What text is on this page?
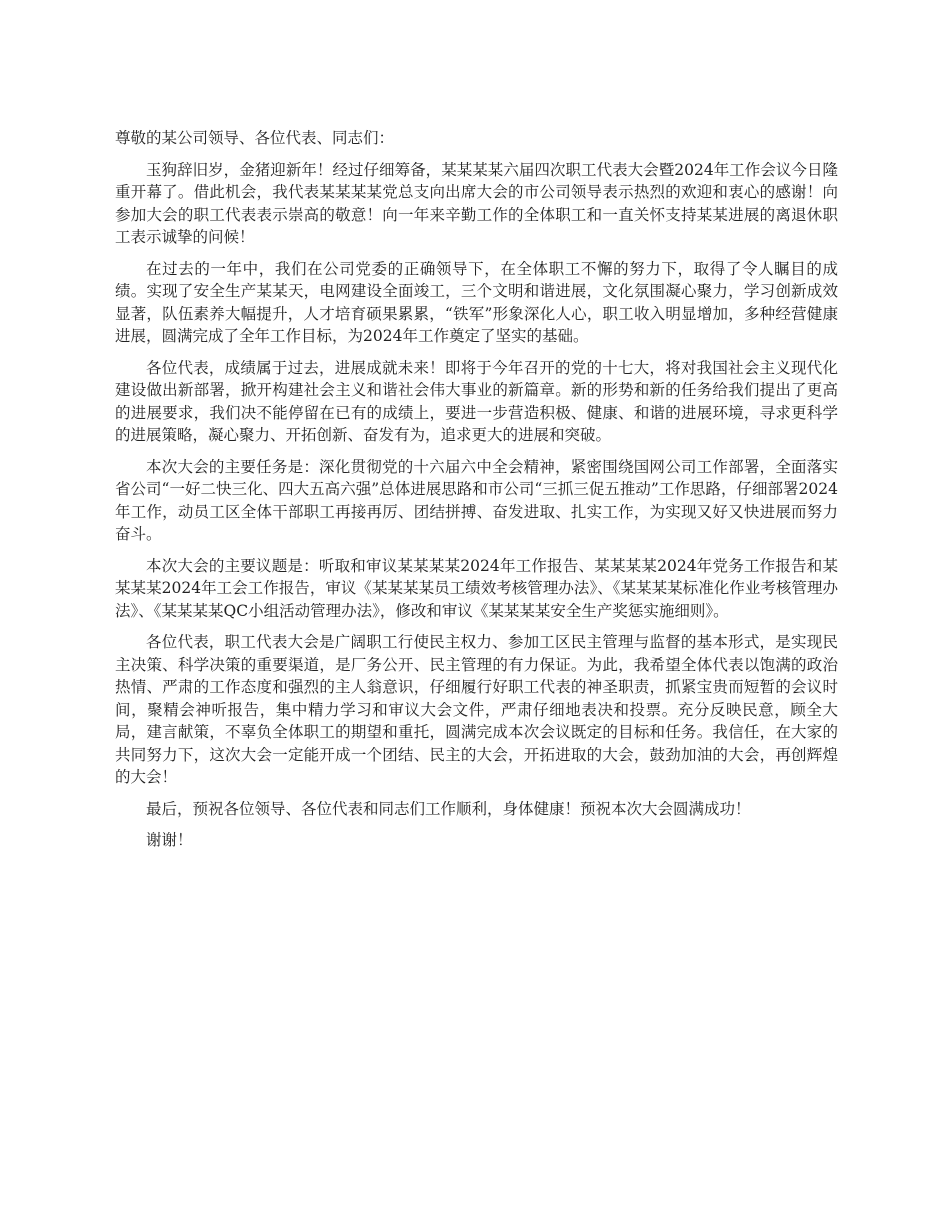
尊敬的某公司领导、各位代表、同志们：

玉狗辞旧岁，金猪迎新年！经过仔细筹备，某某某某六届四次职工代表大会暨2024年工作会议今日隆重开幕了。借此机会，我代表某某某某党总支向出席大会的市公司领导表示热烈的欢迎和衷心的感谢！向参加大会的职工代表表示崇高的敬意！向一年来辛勤工作的全体职工和一直关怀支持某某进展的离退休职工表示诚挚的问候！

在过去的一年中，我们在公司党委的正确领导下，在全体职工不懈的努力下，取得了令人瞩目的成绩。实现了安全生产某某天，电网建设全面竣工，三个文明和谐进展，文化氛围凝心聚力，学习创新成效显著，队伍素养大幅提升，人才培育硕果累累，“铁军”形象深化人心，职工收入明显增加，多种经营健康进展，圆满完成了全年工作目标，为2024年工作奠定了坚实的基础。

各位代表，成绩属于过去，进展成就未来！即将于今年召开的党的十七大，将对我国社会主义现代化建设做出新部署，掀开构建社会主义和谐社会伟大事业的新篇章。新的形势和新的任务给我们提出了更高的进展要求，我们决不能停留在已有的成绩上，要进一步营造积极、健康、和谐的进展环境，寻求更科学的进展策略，凝心聚力、开拓创新、奋发有为，追求更大的进展和突破。

本次大会的主要任务是：深化贯彻党的十六届六中全会精神，紧密围绕国网公司工作部署，全面落实省公司“一好二快三化、四大五高六强”总体进展思路和市公司“三抓三促五推动”工作思路，仔细部署2024年工作，动员工区全体干部职工再接再厉、团结拼搏、奋发进取、扎实工作，为实现又好又快进展而努力奋斗。

本次大会的主要议题是：听取和审议某某某某2024年工作报告、某某某某2024年党务工作报告和某某某某2024年工会工作报告，审议《某某某某员工绩效考核管理办法》、《某某某某标准化作业考核管理办法》、《某某某某QC小组活动管理办法》，修改和审议《某某某某安全生产奖惩实施细则》。

各位代表，职工代表大会是广阔职工行使民主权力、参加工区民主管理与监督的基本形式，是实现民主决策、科学决策的重要渠道，是厂务公开、民主管理的有力保证。为此，我希望全体代表以饱满的政治热情、严肃的工作态度和强烈的主人翁意识，仔细履行好职工代表的神圣职责，抓紧宝贵而短暂的会议时间，聚精会神听报告，集中精力学习和审议大会文件，严肃仔细地表决和投票。充分反映民意，顾全大局，建言献策，不辜负全体职工的期望和重托，圆满完成本次会议既定的目标和任务。我信任，在大家的共同努力下，这次大会一定能开成一个团结、民主的大会，开拓进取的大会，鼓劲加油的大会，再创辉煌的大会！

最后，预祝各位领导、各位代表和同志们工作顺利，身体健康！预祝本次大会圆满成功！

谢谢！
